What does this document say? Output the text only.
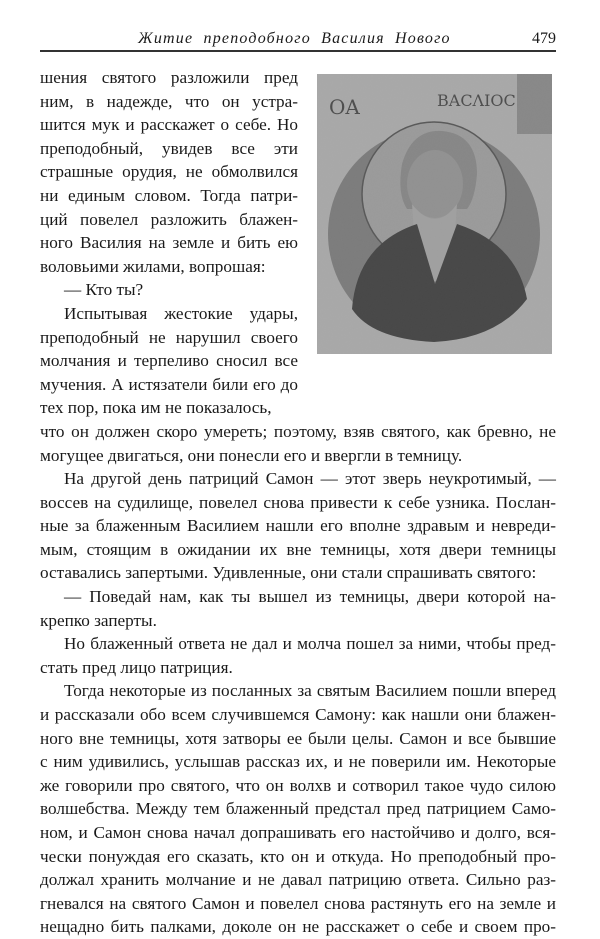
Житие преподобного Василия Нового	479
ΟΑ	ΒΑCΛΙΟC
шения святого разложили пред
ним, в надежде, что он устра-
шится мук и расскажет о себе. Но
преподобный, увидев все эти
страшные орудия, не обмолвился
ни единым словом. Тогда патри-
ций повелел разложить блажен-
ного Василия на земле и бить ею
воловьими жилами, вопрошая:
— Кто ты?
Испытывая жестокие удары,
преподобный не нарушил своего
молчания и терпеливо сносил все
мучения. А истязатели били его до
тех пор, пока им не показалось,
что он должен скоро умереть; поэтому, взяв святого, как бревно, не
могущее двигаться, они понесли его и ввергли в темницу.
На другой день патриций Самон — этот зверь неукротимый, —
воссев на судилище, повелел снова привести к себе узника. Послан-
ные за блаженным Василием нашли его вполне здравым и невреди-
мым, стоящим в ожидании их вне темницы, хотя двери темницы
оставались запертыми. Удивленные, они стали спрашивать святого:
— Поведай нам, как ты вышел из темницы, двери которой на-
крепко заперты.
Но блаженный ответа не дал и молча пошел за ними, чтобы пред-
стать пред лицо патриция.
Тогда некоторые из посланных за святым Василием пошли вперед
и рассказали обо всем случившемся Самону: как нашли они блажен-
ного вне темницы, хотя затворы ее были целы. Самон и все бывшие
с ним удивились, услышав рассказ их, и не поверили им. Некоторые
же говорили про святого, что он волхв и сотворил такое чудо силою
волшебства. Между тем блаженный предстал пред патрицием Само-
ном, и Самон снова начал допрашивать его настойчиво и долго, вся-
чески понуждая его сказать, кто он и откуда. Но преподобный про-
должал хранить молчание и не давал патрицию ответа. Сильно раз-
гневался на святого Самон и повелел снова растянуть его на земле и
нещадно бить палками, доколе он не расскажет о себе и своем про-
